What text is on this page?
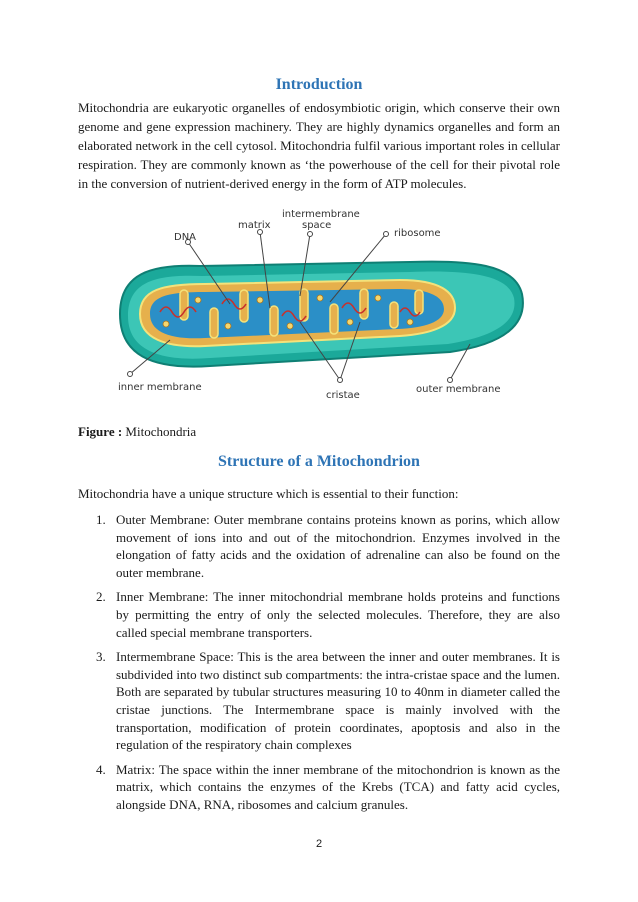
Introduction

Mitochondria are eukaryotic organelles of endosymbiotic origin, which conserve their own genome and gene expression machinery. They are highly dynamics organelles and form an elaborated network in the cell cytosol. Mitochondria fulfil various important roles in cellular respiration. They are commonly known as ‘the powerhouse of the cell for their pivotal role in the conversion of nutrient-derived energy in the form of ATP molecules.

DNA
matrix
intermembrane
space
ribosome
inner membrane
cristae
outer membrane
Figure : Mitochondria
Structure of a Mitochondrion

Mitochondria have a unique structure which is essential to their function:

1. Outer Membrane: Outer membrane contains proteins known as porins, which allow movement of ions into and out of the mitochondrion. Enzymes involved in the elongation of fatty acids and the oxidation of adrenaline can also be found on the outer membrane.
2. Inner Membrane: The inner mitochondrial membrane holds proteins and functions by permitting the entry of only the selected molecules. Therefore, they are also called special membrane transporters.
3. Intermembrane Space: This is the area between the inner and outer membranes. It is subdivided into two distinct sub compartments: the intra-cristae space and the lumen. Both are separated by tubular structures measuring 10 to 40nm in diameter called the cristae junctions. The Intermembrane space is mainly involved with the transportation, modification of protein coordinates, apoptosis and also in the regulation of the respiratory chain complexes
4. Matrix: The space within the inner membrane of the mitochondrion is known as the matrix, which contains the enzymes of the Krebs (TCA) and fatty acid cycles, alongside DNA, RNA, ribosomes and calcium granules.
2
